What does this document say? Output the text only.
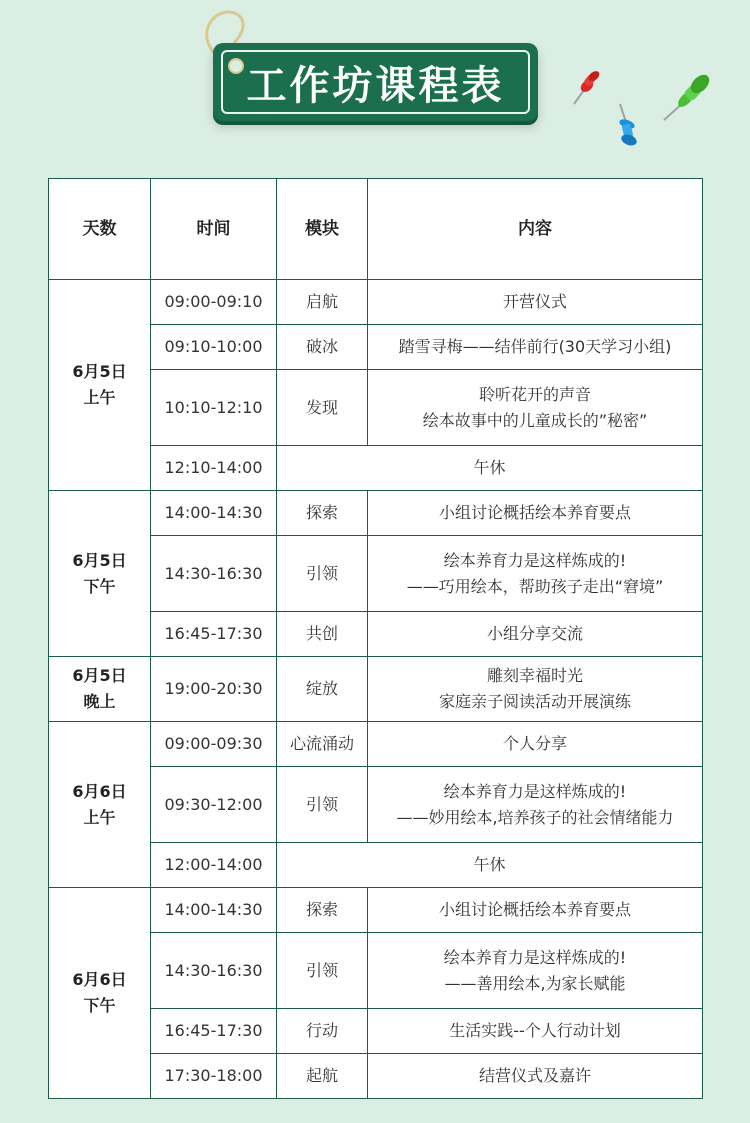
工作坊课程表
天数	时间	模块	内容

6月5日
上午	09:00-09:10	启航	开营仪式

	09:10-10:00	破冰	踏雪寻梅——结伴前行(30天学习小组)

	10:10-12:10	发现	聆听花开的声音
绘本故事中的儿童成长的”秘密”

	12:10-14:00	午休	

6月5日
下午	14:00-14:30	探索	小组讨论概括绘本养育要点

	14:30-16:30	引领	绘本养育力是这样炼成的!
——巧用绘本，帮助孩子走出“窘境”

	16:45-17:30	共创	小组分享交流

6月5日
晚上	19:00-20:30	绽放	雕刻幸福时光
家庭亲子阅读活动开展演练

6月6日
上午	09:00-09:30	心流涌动	个人分享

	09:30-12:00	引领	绘本养育力是这样炼成的!
——妙用绘本,培养孩子的社会情绪能力

	12:00-14:00	午休	

6月6日
下午	14:00-14:30	探索	小组讨论概括绘本养育要点

	14:30-16:30	引领	绘本养育力是这样炼成的!
——善用绘本,为家长赋能

	16:45-17:30	行动	生活实践--个人行动计划

	17:30-18:00	起航	结营仪式及嘉许
